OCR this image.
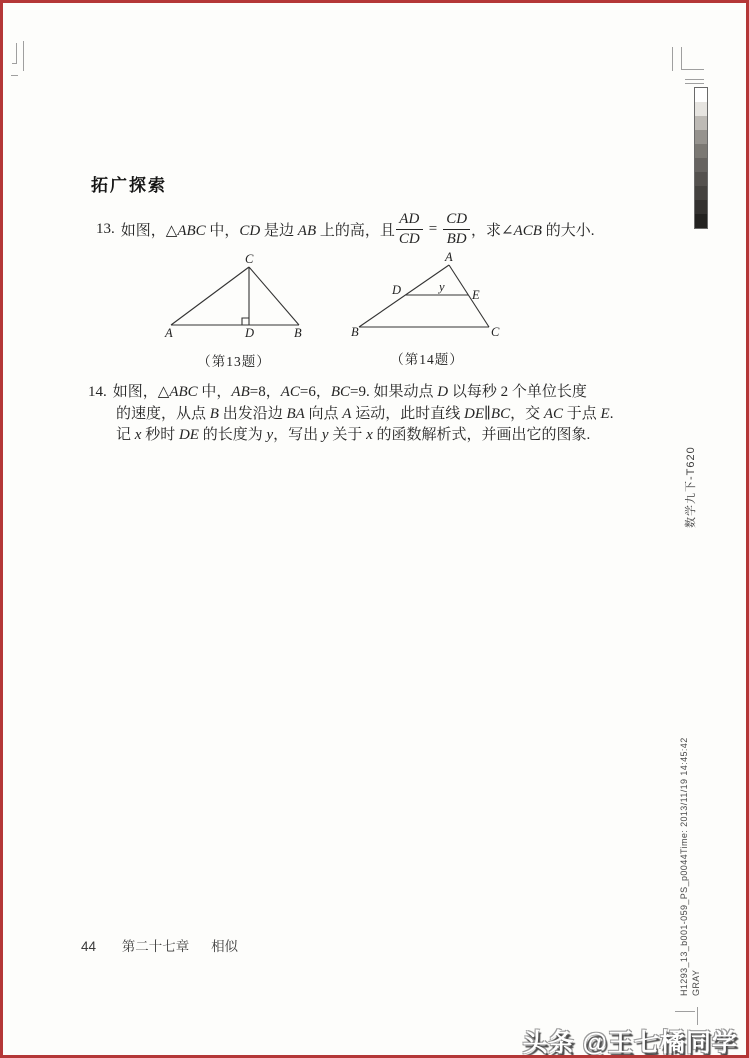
拓广探索
13. 如图，△ABC 中，CD 是边 AB 上的高，且 $\frac{AD}{CD} = \frac{CD}{BD}$ ，求∠ACB 的大小.
A	D	B
C
（第13题）
A
B	C
D	E
y
（第14题）
14. 如图，△ABC 中，AB=8，AC=6，BC=9. 如果动点 D 以每秒 2 个单位长度
的速度，从点 B 出发沿边 BA 向点 A 运动，此时直线 DE∥BC，交 AC 于点 E.
记 x 秒时 DE 的长度为 y，写出 y 关于 x 的函数解析式，并画出它的图象.
数学九下-T620
H1293_13_b001-059_PS_p0044Time: 2013/11/19 14:45:42 GRAY
44 第二十七章 相似
头条 @王七橘同学
